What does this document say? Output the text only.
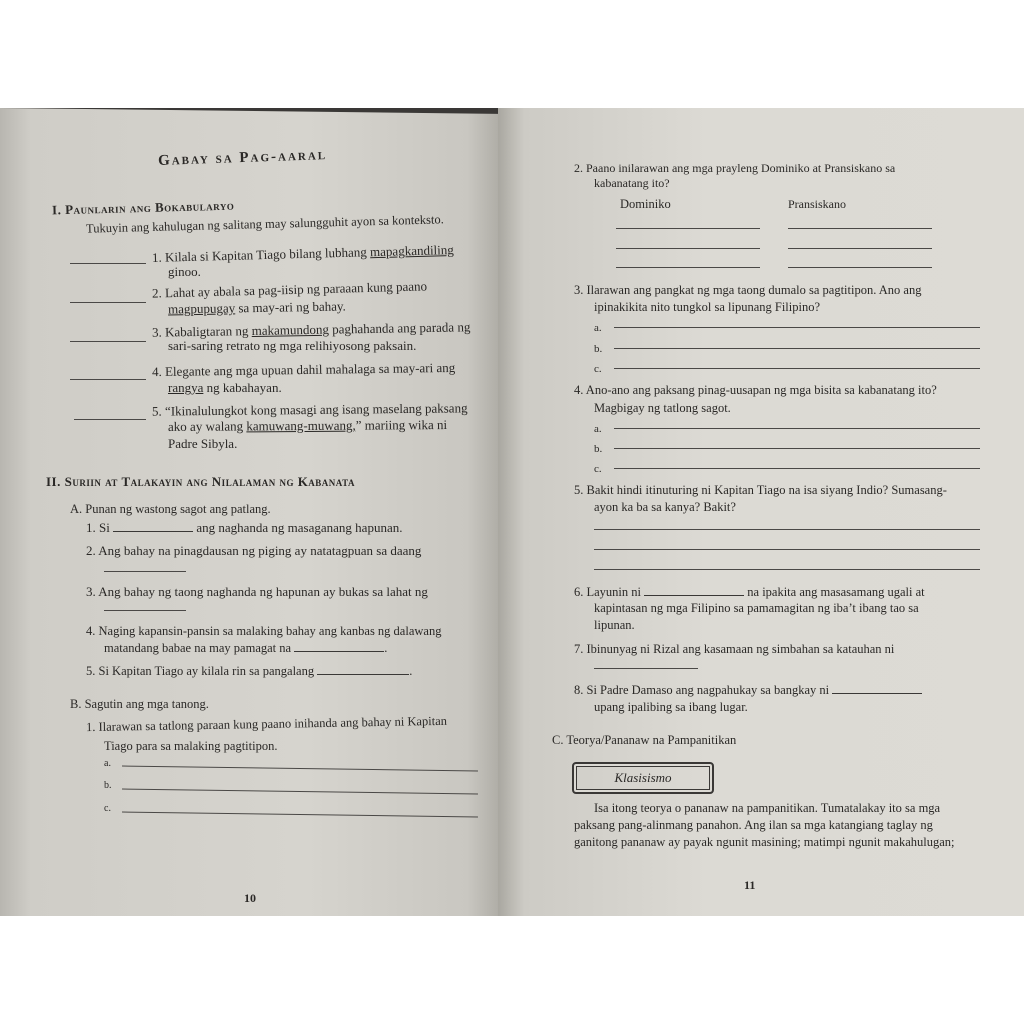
Gabay sa Pag-aaral
I. Paunlarin ang Bokabularyo
Tukuyin ang kahulugan ng salitang may salungguhit ayon sa konteksto.
1. Kilala si Kapitan Tiago bilang lubhang mapagkandiling
ginoo.
2. Lahat ay abala sa pag-iisip ng paraaan kung paano
magpupugay sa may-ari ng bahay.
3. Kabaligtaran ng makamundong paghahanda ang parada ng
sari-saring retrato ng mga relihiyosong paksain.
4. Elegante ang mga upuan dahil mahalaga sa may-ari ang
rangya ng kabahayan.
5. “Ikinalulungkot kong masagi ang isang maselang paksang
ako ay walang kamuwang-muwang,” mariing wika ni
Padre Sibyla.
II. Suriin at Talakayin ang Nilalaman ng Kabanata
A. Punan ng wastong sagot ang patlang.
1. Si	ang naghanda ng masaganang hapunan.
2. Ang bahay na pinagdausan ng piging ay natatagpuan sa daang
3. Ang bahay ng taong naghanda ng hapunan ay bukas sa lahat ng
4. Naging kapansin-pansin sa malaking bahay ang kanbas ng dalawang
matandang babae na may pamagat na	.
5. Si Kapitan Tiago ay kilala rin sa pangalang	.
B. Sagutin ang mga tanong.
1. Ilarawan sa tatlong paraan kung paano inihanda ang bahay ni Kapitan
Tiago para sa malaking pagtitipon.
a.
b.
c.
10
2. Paano inilarawan ang mga prayleng Dominiko at Pransiskano sa
kabanatang ito?
Dominiko	Pransiskano
3. Ilarawan ang pangkat ng mga taong dumalo sa pagtitipon. Ano ang
ipinakikita nito tungkol sa lipunang Filipino?
a.
b.
c.
4. Ano-ano ang paksang pinag-uusapan ng mga bisita sa kabanatang ito?
Magbigay ng tatlong sagot.
a.
b.
c.
5. Bakit hindi itinuturing ni Kapitan Tiago na isa siyang Indio? Sumasang-
ayon ka ba sa kanya? Bakit?
6. Layunin ni	na ipakita ang masasamang ugali at
kapintasan ng mga Filipino sa pamamagitan ng iba’t ibang tao sa
lipunan.
7. Ibinunyag ni Rizal ang kasamaan ng simbahan sa katauhan ni
8. Si Padre Damaso ang nagpahukay sa bangkay ni
upang ipalibing sa ibang lugar.
C. Teorya/Pananaw na Pampanitikan
Klasisismo
Isa itong teorya o pananaw na pampanitikan. Tumatalakay ito sa mga
paksang pang-alinmang panahon. Ang ilan sa mga katangiang taglay ng
ganitong pananaw ay payak ngunit masining; matimpi ngunit makahulugan;
11
